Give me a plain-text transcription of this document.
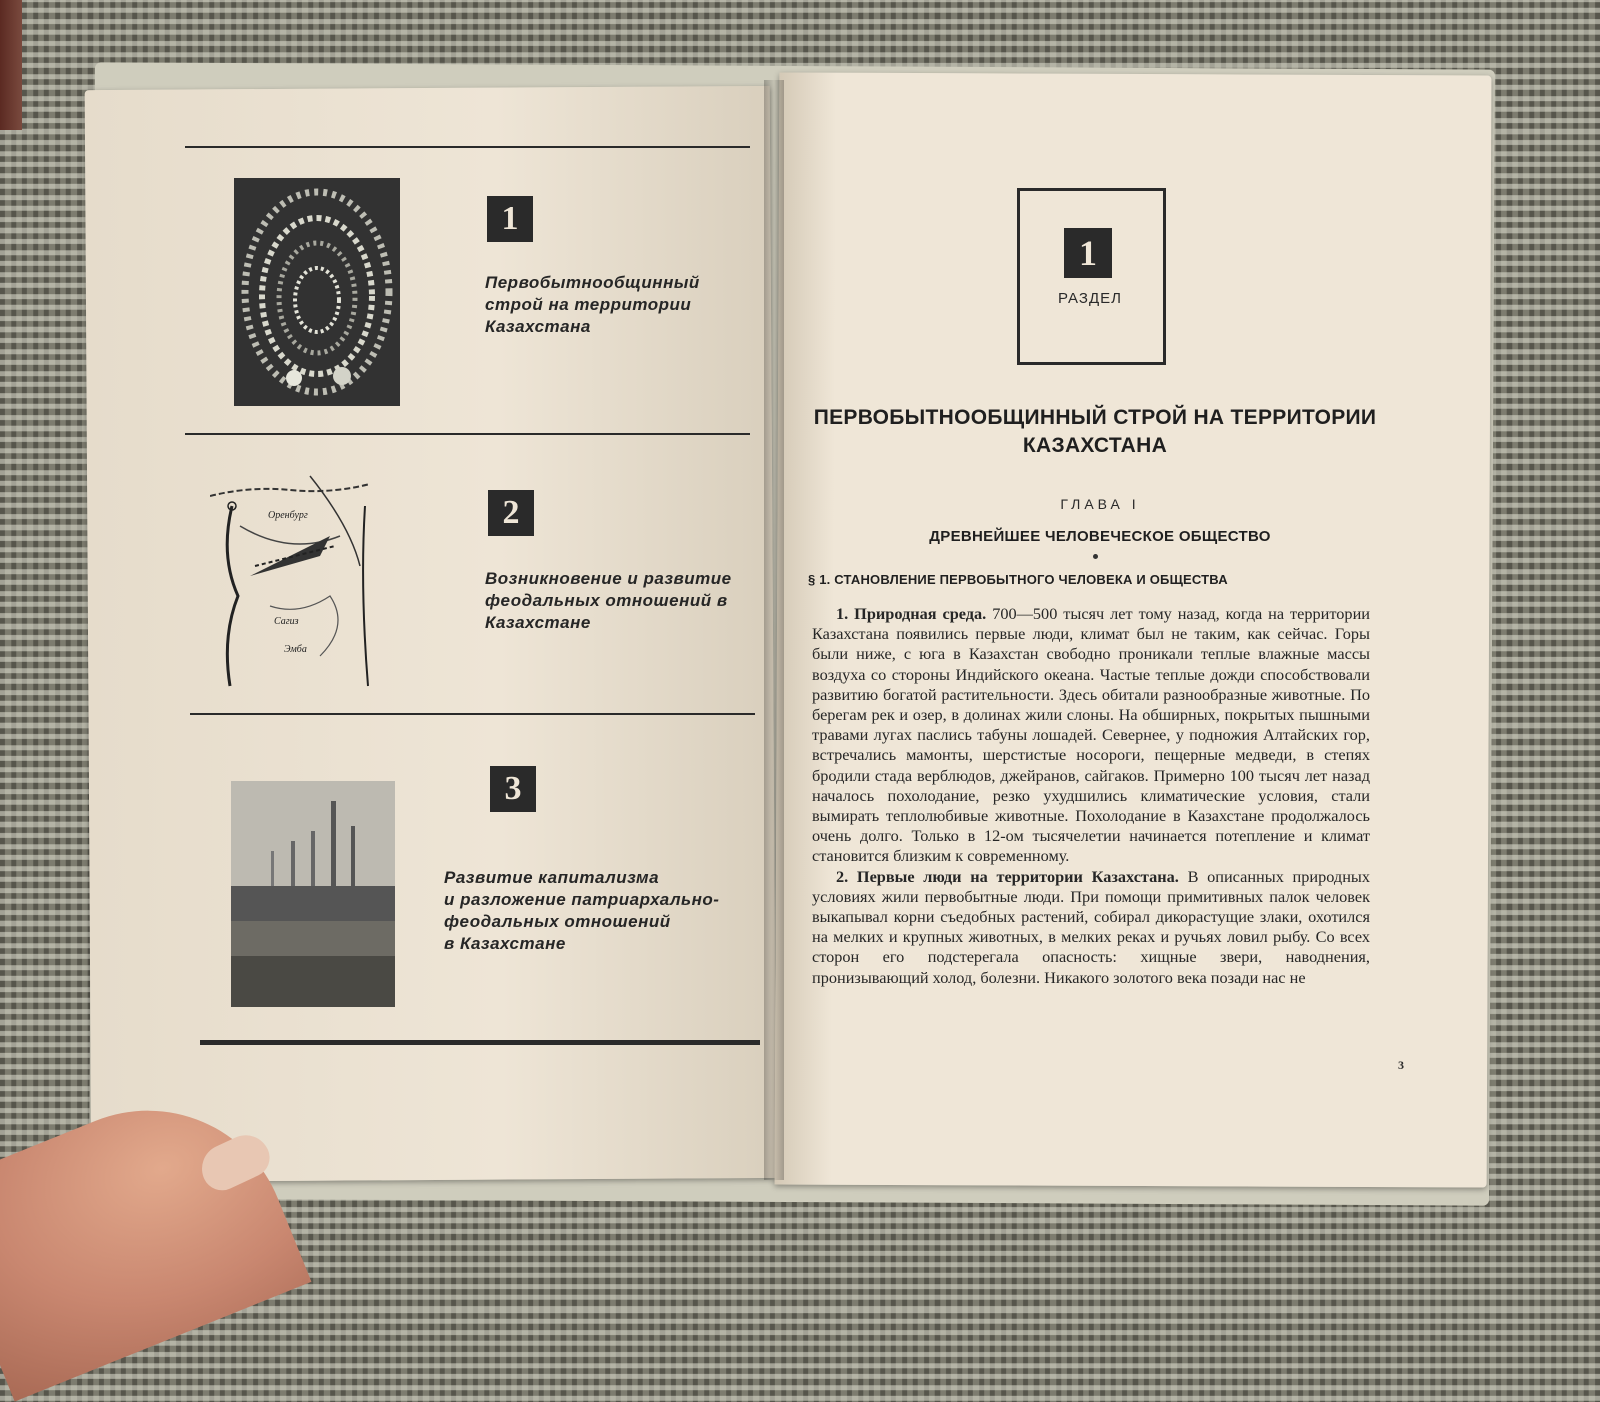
1
Первобытнообщинный
строй на территории
Казахстана
Оренбург
Сагиз
Эмба
2
Возникновение и развитие
феодальных отношений в
Казахстане
3
Развитие капитализма
и разложение патриархально-
феодальных отношений
в Казахстане
1
РАЗДЕЛ
ПЕРВОБЫТНООБЩИННЫЙ СТРОЙ НА ТЕРРИТОРИИ
КАЗАХСТАНА
ГЛАВА I
ДРЕВНЕЙШЕЕ ЧЕЛОВЕЧЕСКОЕ ОБЩЕСТВО
§ 1. СТАНОВЛЕНИЕ ПЕРВОБЫТНОГО ЧЕЛОВЕКА И ОБЩЕСТВА

1. Природная среда. 700—500 тысяч лет тому назад, когда на территории Казахстана появились первые люди, климат был не таким, как сейчас. Горы были ниже, с юга в Казахстан свободно проникали теплые влажные массы воздуха со стороны Индийского океана. Частые теплые дожди способствовали развитию богатой растительности. Здесь обитали разнообразные животные. По берегам рек и озер, в долинах жили слоны. На обширных, покрытых пышными травами лугах паслись табуны лошадей. Севернее, у подножия Алтайских гор, встречались мамонты, шерстистые носороги, пещерные медведи, в степях бродили стада верблюдов, джейранов, сайгаков. Примерно 100 тысяч лет назад началось похолодание, резко ухудшились климатические условия, стали вымирать теплолюбивые животные. Похолодание в Казахстане продолжалось очень долго. Только в 12-ом тысячелетии начинается потепление и климат становится близким к современному.

2. Первые люди на территории Казахстана. В описанных природных условиях жили первобытные люди. При помощи примитивных палок человек выкапывал корни съедобных растений, собирал дикорастущие злаки, охотился на мелких и крупных животных, в мелких реках и ручьях ловил рыбу. Со всех сторон его подстерегала опасность: хищные звери, наводнения, пронизывающий холод, болезни. Никакого золотого века позади нас не

3
